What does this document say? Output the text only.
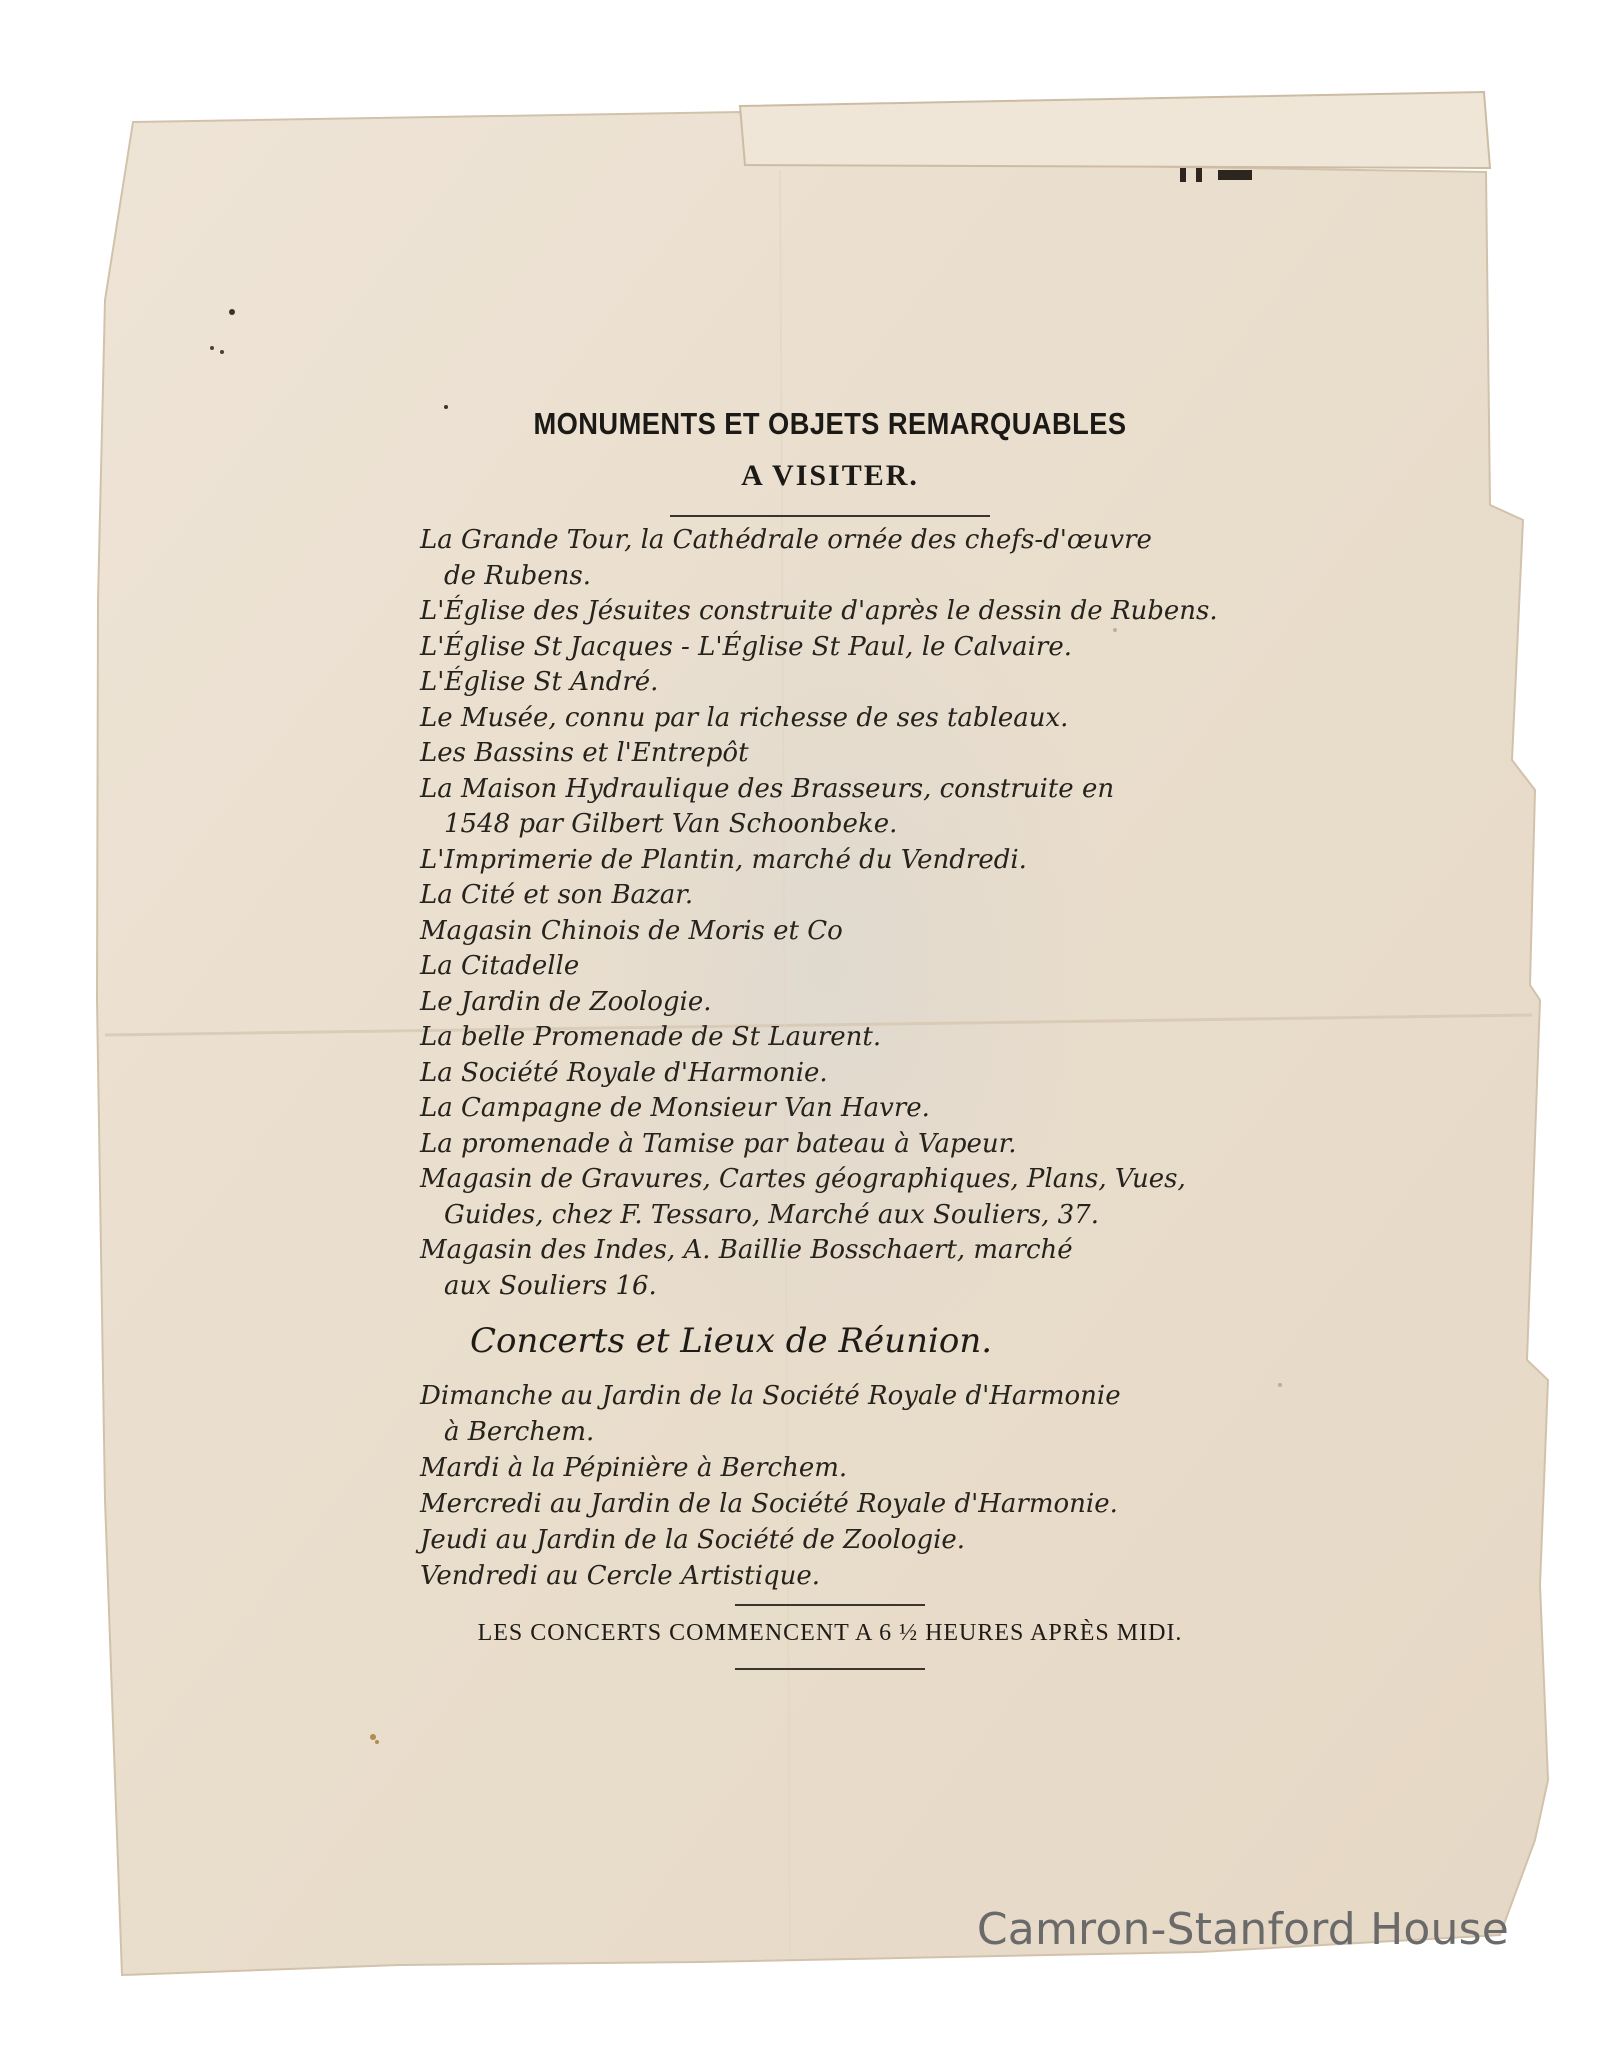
MONUMENTS ET OBJETS REMARQUABLES
A VISITER.
La Grande Tour, la Cathédrale ornée des chefs-d'œuvre
de Rubens.
L'Église des Jésuites construite d'après le dessin de Rubens.
L'Église St Jacques - L'Église St Paul, le Calvaire.
L'Église St André.
Le Musée, connu par la richesse de ses tableaux.
Les Bassins et l'Entrepôt
La Maison Hydraulique des Brasseurs, construite en
1548 par Gilbert Van Schoonbeke.
L'Imprimerie de Plantin, marché du Vendredi.
La Cité et son Bazar.
Magasin Chinois de Moris et Co
La Citadelle
Le Jardin de Zoologie.
La belle Promenade de St Laurent.
La Société Royale d'Harmonie.
La Campagne de Monsieur Van Havre.
La promenade à Tamise par bateau à Vapeur.
Magasin de Gravures, Cartes géographiques, Plans, Vues,
Guides, chez F. Tessaro, Marché aux Souliers, 37.
Magasin des Indes, A. Baillie Bosschaert, marché
aux Souliers 16.
Concerts et Lieux de Réunion.
Dimanche au Jardin de la Société Royale d'Harmonie
à Berchem.
Mardi à la Pépinière à Berchem.
Mercredi au Jardin de la Société Royale d'Harmonie.
Jeudi au Jardin de la Société de Zoologie.
Vendredi au Cercle Artistique.
LES CONCERTS COMMENCENT A 6 ½ HEURES APRÈS MIDI.
Camron-Stanford House
